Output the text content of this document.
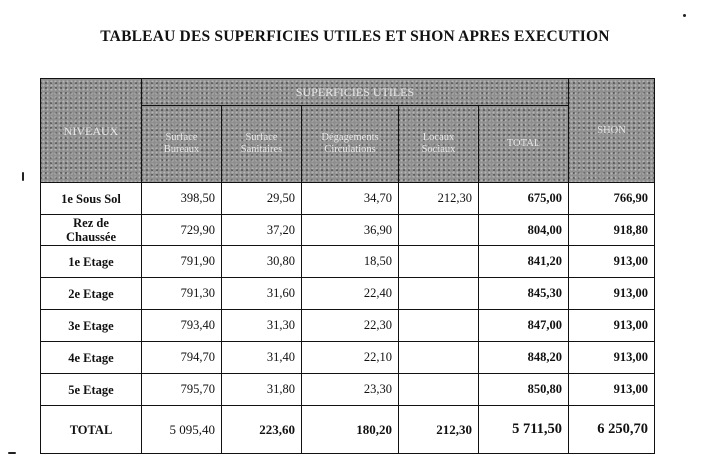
TABLEAU DES SUPERFICIES UTILES ET SHON APRES EXECUTION
NIVEAUX	SUPERFICIES UTILES					SHON
	Surface Bureaux	Surface Sanitaires	Dégagements Circulations	Locaux Sociaux	TOTAL	
1e Sous Sol	398,50	29,50	34,70	212,30	675,00	766,90
Rez de Chaussée	729,90	37,20	36,90		804,00	918,80
1e Etage	791,90	30,80	18,50		841,20	913,00
2e Etage	791,30	31,60	22,40		845,30	913,00
3e Etage	793,40	31,30	22,30		847,00	913,00
4e Etage	794,70	31,40	22,10		848,20	913,00
5e Etage	795,70	31,80	23,30		850,80	913,00
TOTAL	5 095,40	223,60	180,20	212,30	5 711,50	6 250,70
